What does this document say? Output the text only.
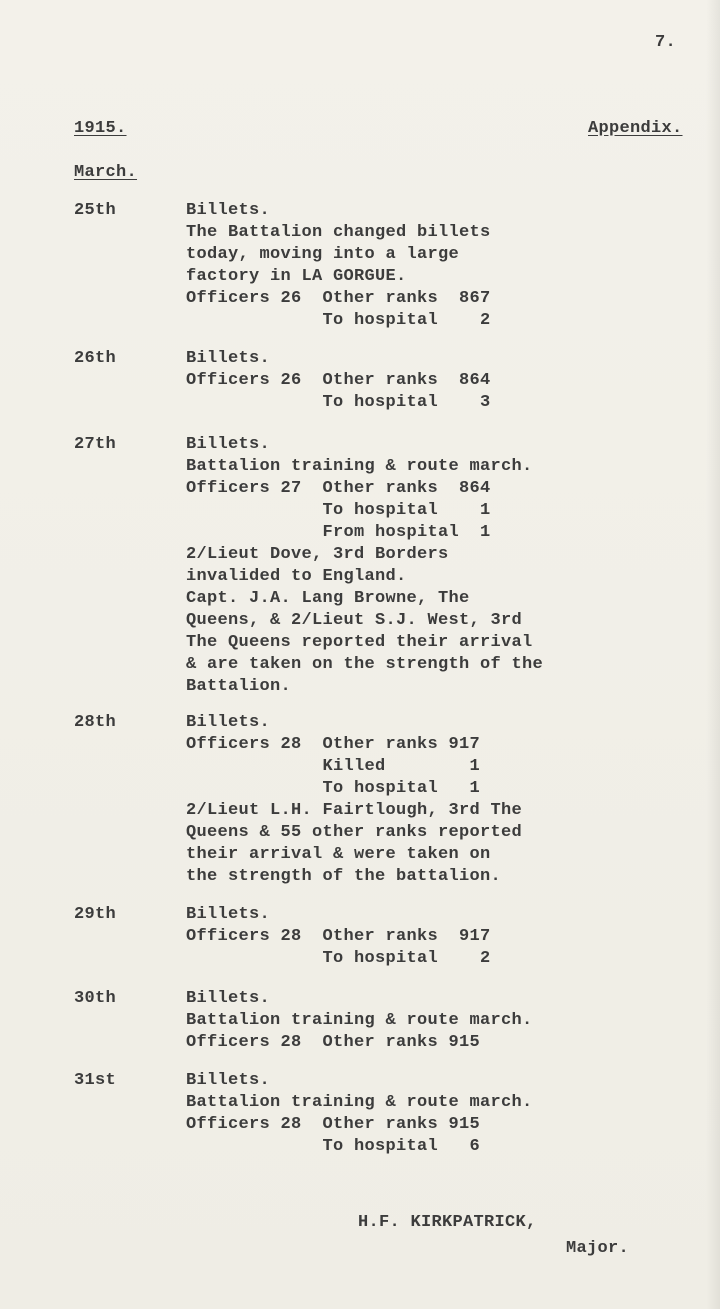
7.
1915.	Appendix.
March.
25th	Billets.
The Battalion changed billets
today, moving into a large
factory in LA GORGUE.
Officers 26  Other ranks  867
To hospital    2
26th	Billets.
Officers 26  Other ranks  864
To hospital    3
27th	Billets.
Battalion training & route march.
Officers 27  Other ranks  864
To hospital    1
From hospital  1
2/Lieut Dove, 3rd Borders
invalided to England.
Capt. J.A. Lang Browne, The
Queens, & 2/Lieut S.J. West, 3rd
The Queens reported their arrival
& are taken on the strength of the
Battalion.
28th	Billets.
Officers 28  Other ranks 917
Killed        1
To hospital   1
2/Lieut L.H. Fairtlough, 3rd The
Queens & 55 other ranks reported
their arrival & were taken on
the strength of the battalion.
29th	Billets.
Officers 28  Other ranks  917
To hospital    2
30th	Billets.
Battalion training & route march.
Officers 28  Other ranks 915
31st	Billets.
Battalion training & route march.
Officers 28  Other ranks 915
To hospital   6
H.F. KIRKPATRICK,
Major.
